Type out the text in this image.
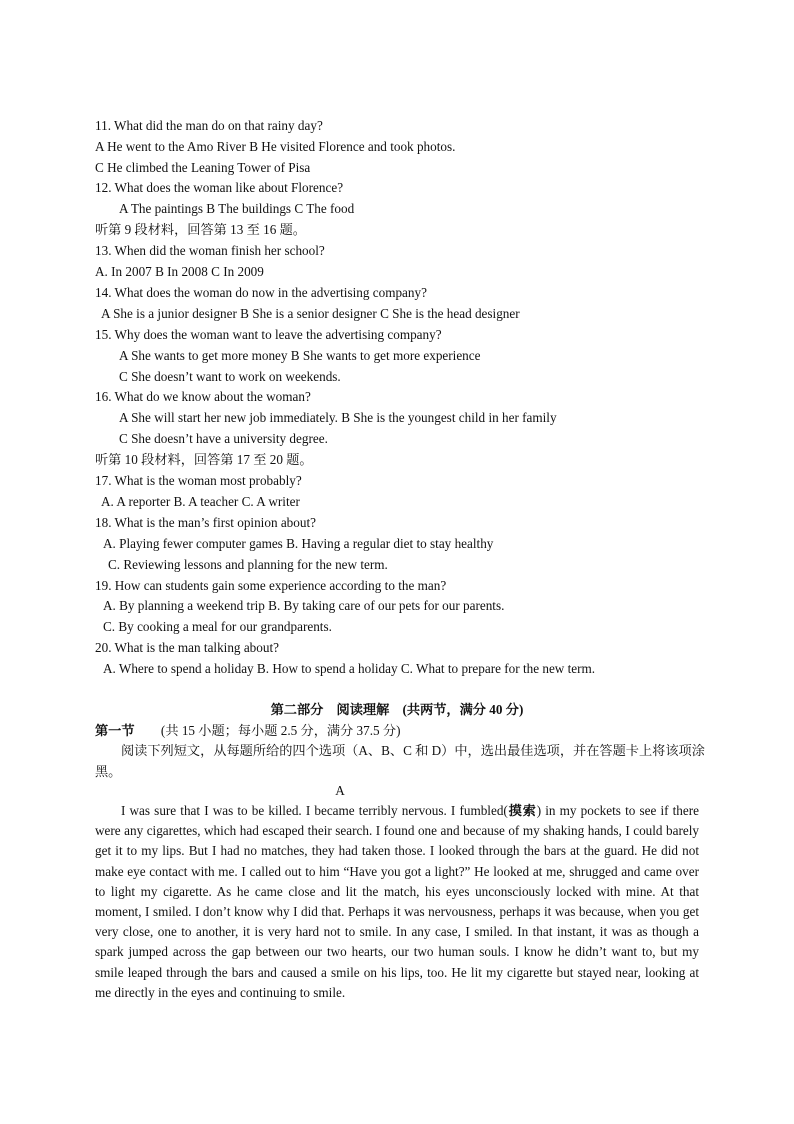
11. What did the man do on that rainy day?
A He went to the Amo River B He visited Florence and took photos.
C He climbed the Leaning Tower of Pisa
12. What does the woman like about Florence?
A The paintings B The buildings C The food
听第 9 段材料，回答第 13 至 16 题。
13. When did the woman finish her school?
A. In 2007 B In 2008 C In 2009
14. What does the woman do now in the advertising company?
A She is a junior designer B She is a senior designer C She is the head designer
15. Why does the woman want to leave the advertising company?
A She wants to get more money B She wants to get more experience
C She doesn’t want to work on weekends.
16. What do we know about the woman?
A She will start her new job immediately. B She is the youngest child in her family
C She doesn’t have a university degree.
听第 10 段材料，回答第 17 至 20 题。
17. What is the woman most probably?
A. A reporter B. A teacher C. A writer
18. What is the man’s first opinion about?
A. Playing fewer computer games B. Having a regular diet to stay healthy
C. Reviewing lessons and planning for the new term.
19. How can students gain some experience according to the man?
A. By planning a weekend trip B. By taking care of our pets for our parents.
C. By cooking a meal for our grandparents.
20. What is the man talking about?
A. Where to spend a holiday B. How to spend a holiday C. What to prepare for the new term.
第二部分　阅读理解　(共两节，满分 40 分)
第一节　　(共 15 小题；每小题 2.5 分，满分 37.5 分)
阅读下列短文，从每题所给的四个选项（A、B、C 和 D）中，选出最佳选项，并在答题卡上将该项涂黑。
A
I was sure that I was to be killed. I became terribly nervous. I fumbled(摸索) in my pockets to see if there were any cigarettes, which had escaped their search. I found one and because of my shaking hands, I could barely get it to my lips. But I had no matches, they had taken those. I looked through the bars at the guard. He did not make eye contact with me. I called out to him “Have you got a light?” He looked at me, shrugged and came over to light my cigarette. As he came close and lit the match, his eyes unconsciously locked with mine. At that moment, I smiled. I don’t know why I did that. Perhaps it was nervousness, perhaps it was because, when you get very close, one to another, it is very hard not to smile. In any case, I smiled. In that instant, it was as though a spark jumped across the gap between our two hearts, our two human souls. I know he didn’t want to, but my smile leaped through the bars and caused a smile on his lips, too. He lit my cigarette but stayed near, looking at me directly in the eyes and continuing to smile.
